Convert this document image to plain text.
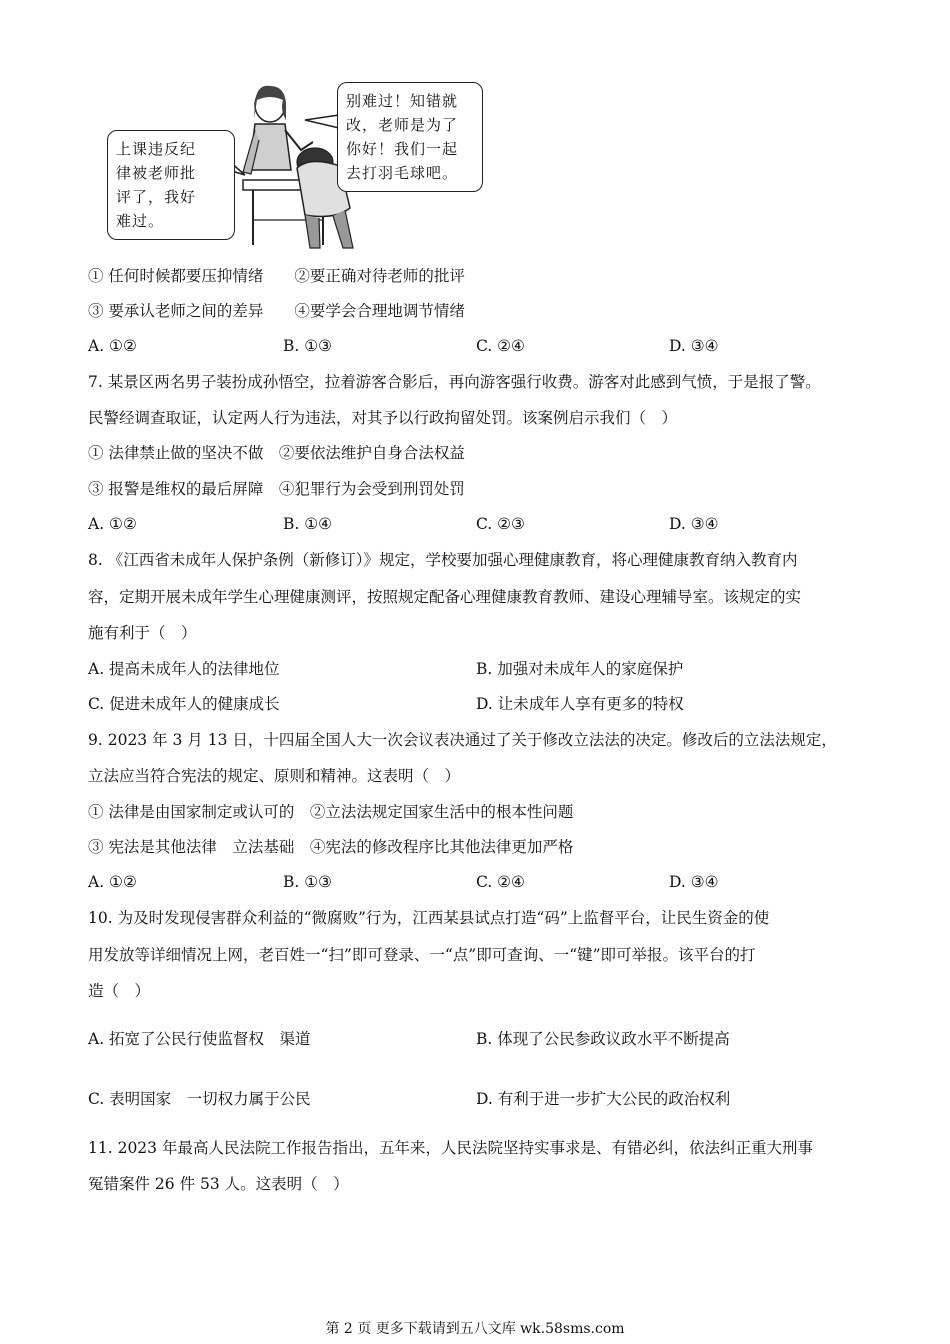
上课违反纪
律被老师批
评了，我好
难过。
别难过！知错就
改，老师是为了
你好！我们一起
去打羽毛球吧。
① 任何时候都要压抑情绪　　②要正确对待老师的批评
③ 要承认老师之间的差异　　④要学会合理地调节情绪
A. ①②	B. ①③	C. ②④	D. ③④
7. 某景区两名男子装扮成孙悟空，拉着游客合影后，再向游客强行收费。游客对此感到气愤，于是报了警。
民警经调查取证，认定两人行为违法，对其予以行政拘留处罚。该案例启示我们（　）
① 法律禁止做的坚决不做　②要依法维护自身合法权益
③ 报警是维权的最后屏障　④犯罪行为会受到刑罚处罚
A. ①②	B. ①④	C. ②③	D. ③④
8. 《江西省未成年人保护条例（新修订）》规定，学校要加强心理健康教育，将心理健康教育纳入教育内
容，定期开展未成年学生心理健康测评，按照规定配备心理健康教育教师、建设心理辅导室。该规定的实
施有利于（　）
A. 提高未成年人的法律地位	B. 加强对未成年人的家庭保护
C. 促进未成年人的健康成长	D. 让未成年人享有更多的特权
9. 2023 年 3 月 13 日，十四届全国人大一次会议表决通过了关于修改立法法的决定。修改后的立法法规定，
立法应当符合宪法的规定、原则和精神。这表明（　）
① 法律是由国家制定或认可的　②立法法规定国家生活中的根本性问题
③ 宪法是其他法律　立法基础　④宪法的修改程序比其他法律更加严格
A. ①②	B. ①③	C. ②④	D. ③④
10. 为及时发现侵害群众利益的“微腐败”行为，江西某县试点打造“码”上监督平台，让民生资金的使
用发放等详细情况上网，老百姓一“扫”即可登录、一“点”即可查询、一“键”即可举报。该平台的打
造（　）
A. 拓宽了公民行使监督权　渠道	B. 体现了公民参政议政水平不断提高
C. 表明国家　一切权力属于公民	D. 有利于进一步扩大公民的政治权利
11. 2023 年最高人民法院工作报告指出，五年来，人民法院坚持实事求是、有错必纠，依法纠正重大刑事
冤错案件 26 件 53 人。这表明（　）
第 2 页 更多下载请到五八文库 wk.58sms.com
